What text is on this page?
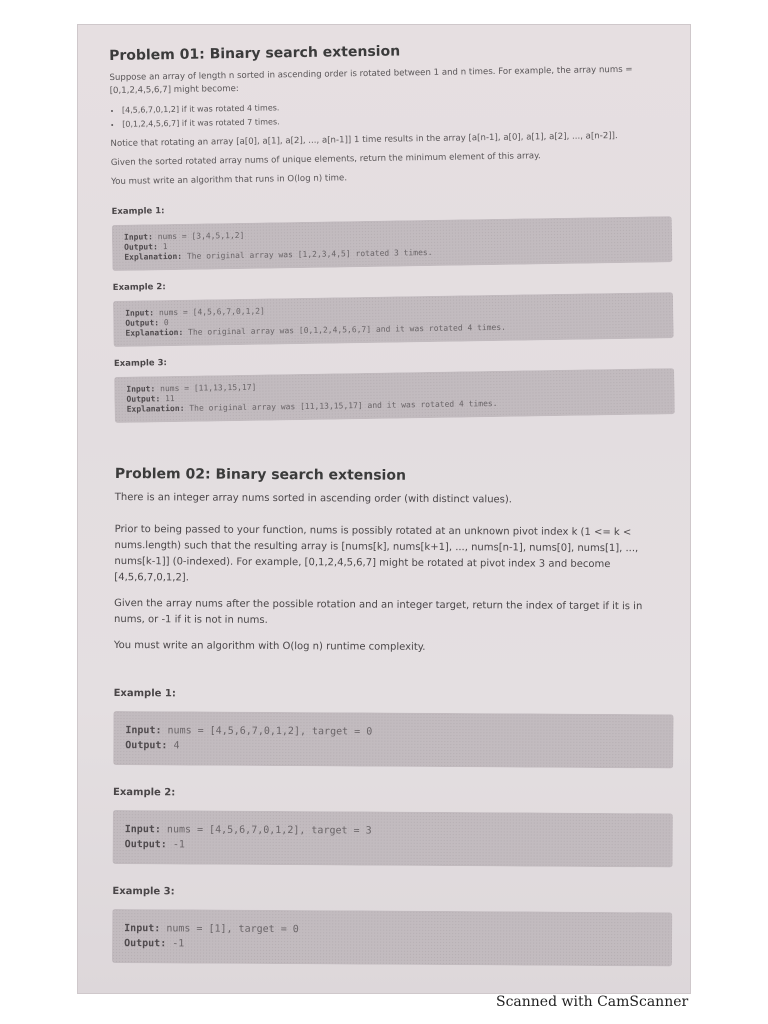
Problem 01: Binary search extension
Suppose an array of length n sorted in ascending order is rotated between 1 and n times. For example, the array nums = [0,1,2,4,5,6,7] might become:
• [4,5,6,7,0,1,2] if it was rotated 4 times.
• [0,1,2,4,5,6,7] if it was rotated 7 times.
Notice that rotating an array [a[0], a[1], a[2], ..., a[n-1]] 1 time results in the array [a[n-1], a[0], a[1], a[2], ..., a[n-2]].
Given the sorted rotated array nums of unique elements, return the minimum element of this array.
You must write an algorithm that runs in O(log n) time.
Example 1:
Input: nums = [3,4,5,1,2]
Output: 1
Explanation: The original array was [1,2,3,4,5] rotated 3 times.
Example 2:
Input: nums = [4,5,6,7,0,1,2]
Output: 0
Explanation: The original array was [0,1,2,4,5,6,7] and it was rotated 4 times.
Example 3:
Input: nums = [11,13,15,17]
Output: 11
Explanation: The original array was [11,13,15,17] and it was rotated 4 times.
Problem 02: Binary search extension
There is an integer array nums sorted in ascending order (with distinct values).
Prior to being passed to your function, nums is possibly rotated at an unknown pivot index k (1 <= k < nums.length) such that the resulting array is [nums[k], nums[k+1], ..., nums[n-1], nums[0], nums[1], ..., nums[k-1]] (0-indexed). For example, [0,1,2,4,5,6,7] might be rotated at pivot index 3 and become [4,5,6,7,0,1,2].
Given the array nums after the possible rotation and an integer target, return the index of target if it is in nums, or -1 if it is not in nums.
You must write an algorithm with O(log n) runtime complexity.
Example 1:
Input: nums = [4,5,6,7,0,1,2], target = 0
Output: 4
Example 2:
Input: nums = [4,5,6,7,0,1,2], target = 3
Output: -1
Example 3:
Input: nums = [1], target = 0
Output: -1
Scanned with CamScanner
